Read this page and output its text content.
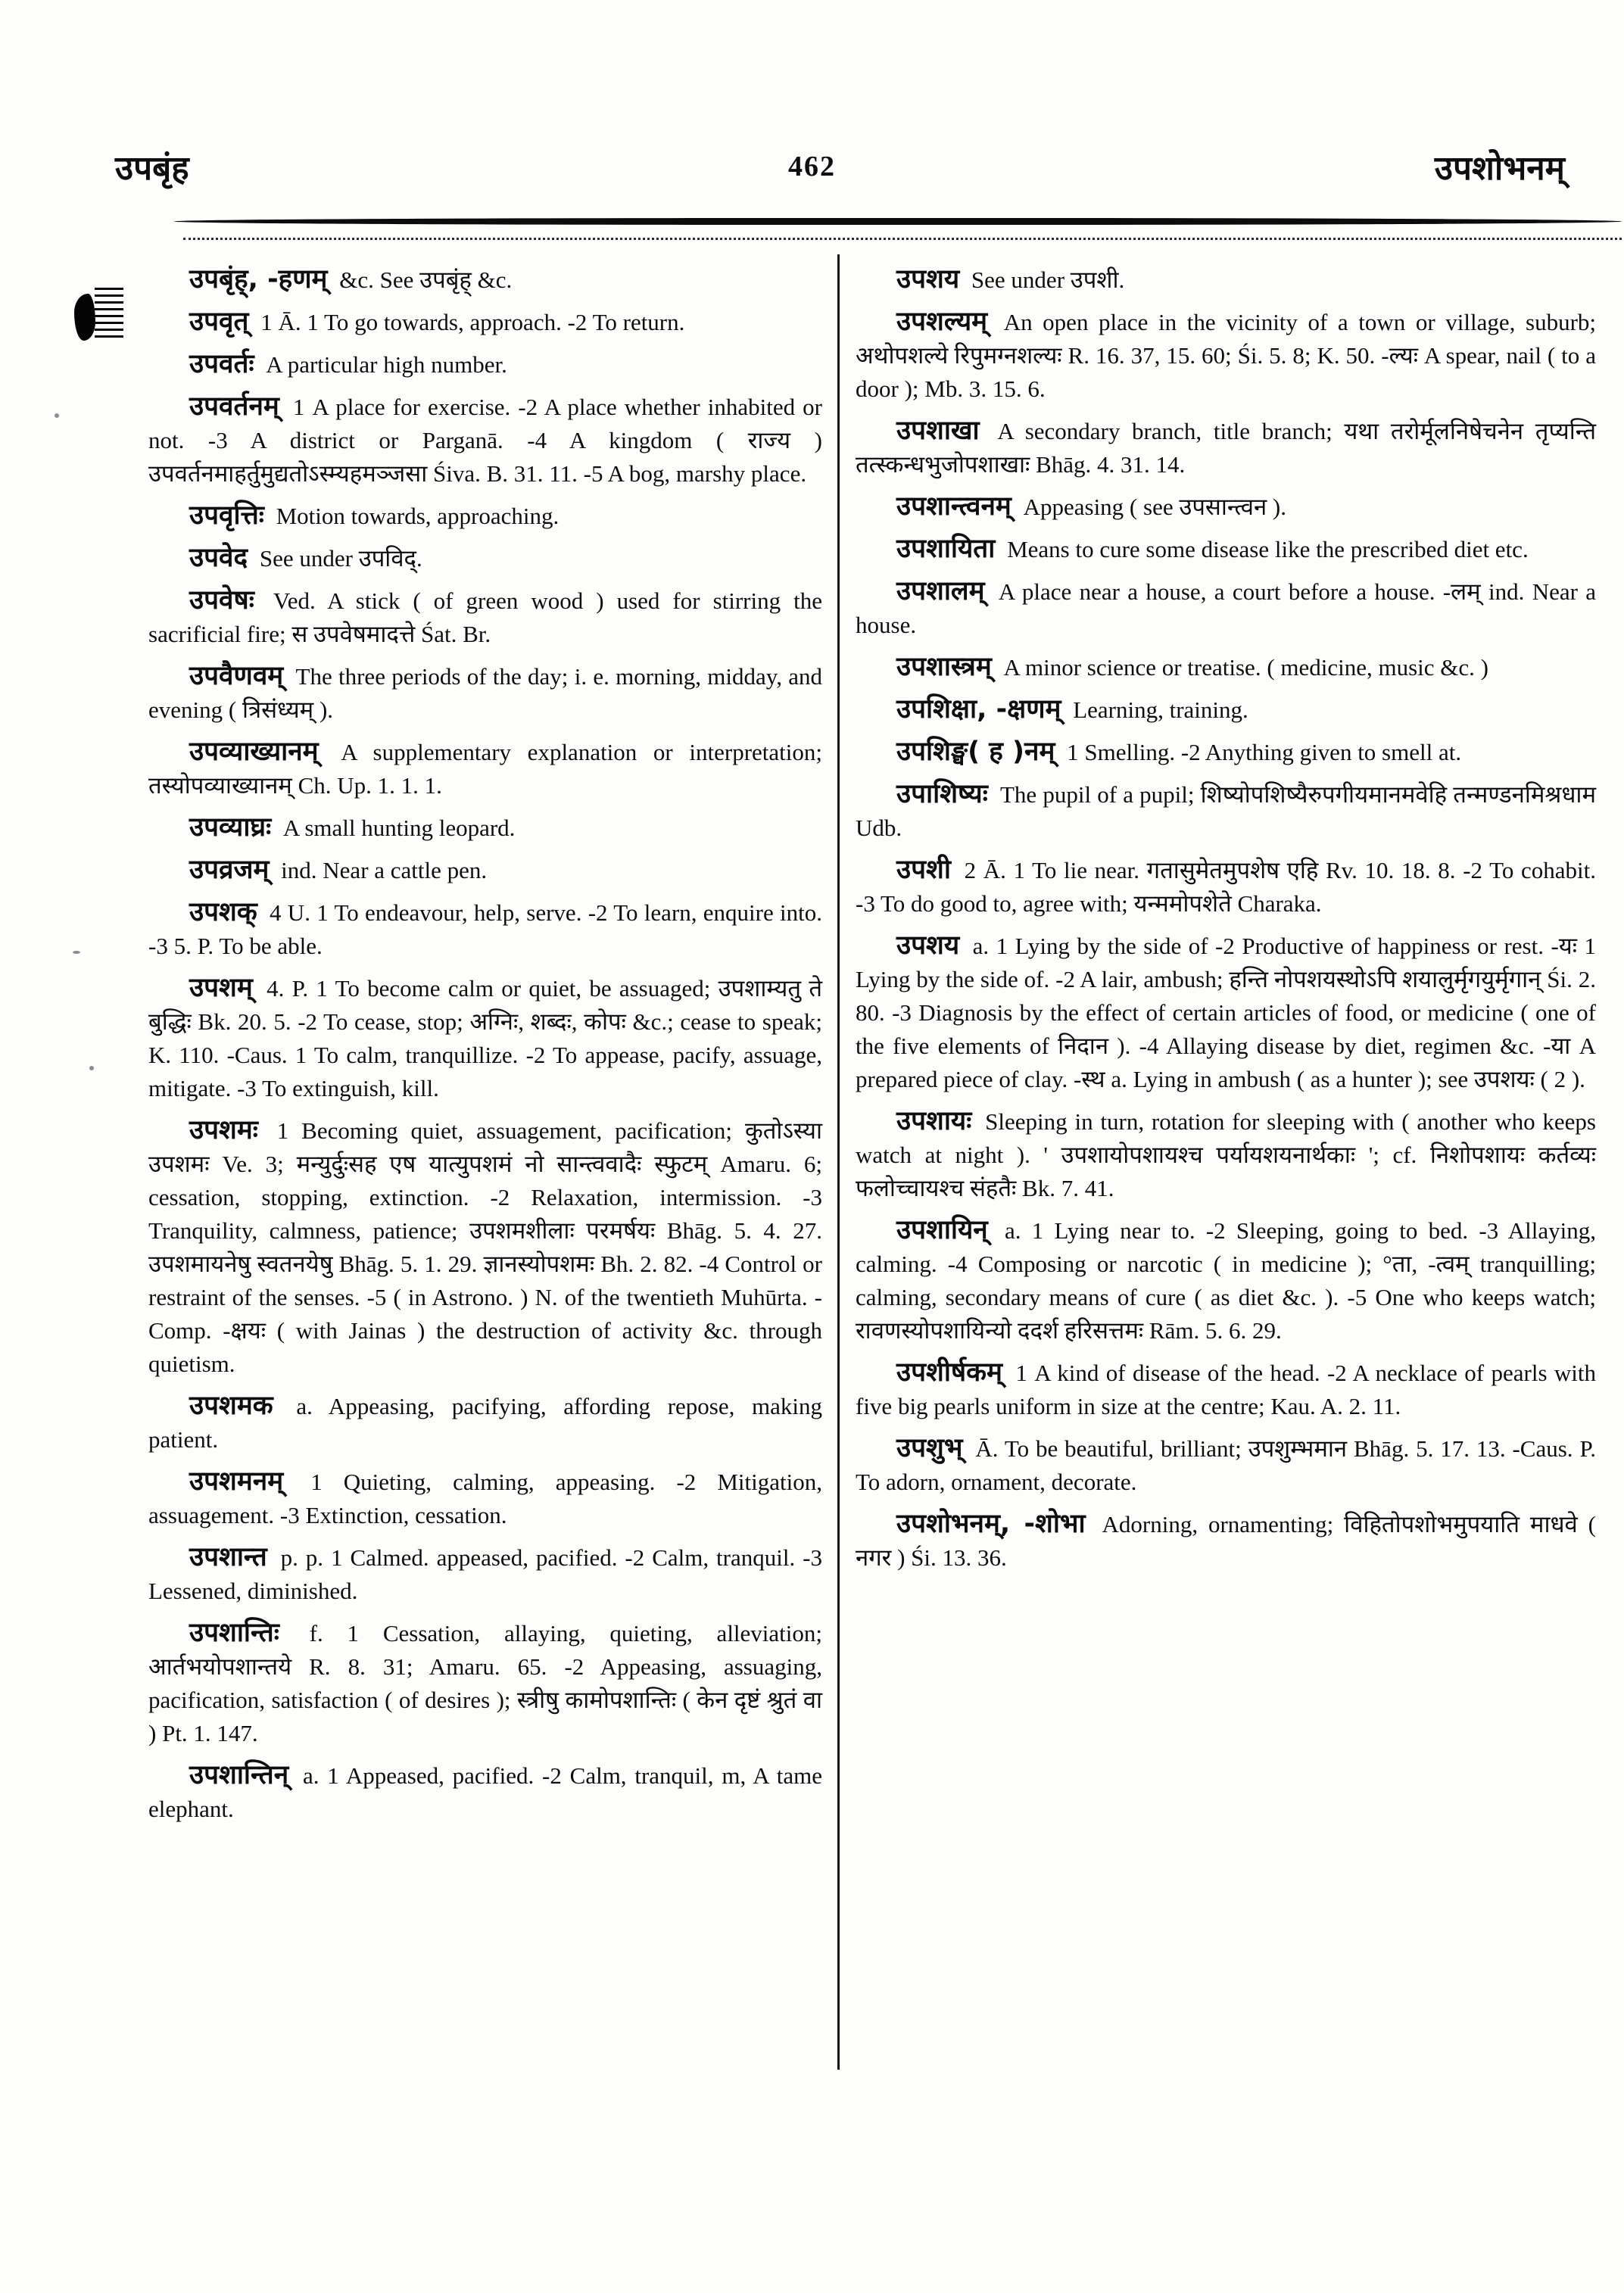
उपबृंह	462	उपशोभनम्

उपबृंह्, -हणम् &c. See उपबृंह् &c.

उपवृत् 1 Ā. 1 To go towards, approach. -2 To return.

उपवर्तः A particular high number.

उपवर्तनम् 1 A place for exercise. -2 A place whether inhabited or not. -3 A district or Parganā. -4 A kingdom ( राज्य ) उपवर्तनमाहर्तुमुद्यतोऽस्म्यहमञ्जसा Śiva. B. 31. 11. -5 A bog, marshy place.

उपवृत्तिः Motion towards, approaching.

उपवेद See under उपविद्.

उपवेषः Ved. A stick ( of green wood ) used for stirring the sacrificial fire; स उपवेषमादत्ते Śat. Br.

उपवैणवम् The three periods of the day; i. e. morning, midday, and evening ( त्रिसंध्यम् ).

उपव्याख्यानम् A supplementary explanation or interpretation; तस्योपव्याख्यानम् Ch. Up. 1. 1. 1.

उपव्याघ्रः A small hunting leopard.

उपव्रजम् ind. Near a cattle pen.

उपशक् 4 U. 1 To endeavour, help, serve. -2 To learn, enquire into. -3 5. P. To be able.

उपशम् 4. P. 1 To become calm or quiet, be assuaged; उपशाम्यतु ते बुद्धिः Bk. 20. 5. -2 To cease, stop; अग्निः, शब्दः, कोपः &c.; cease to speak; K. 110. -Caus. 1 To calm, tranquillize. -2 To appease, pacify, assuage, mitigate. -3 To extinguish, kill.

उपशमः 1 Becoming quiet, assuagement, pacification; कुतोऽस्या उपशमः Ve. 3; मन्युर्दुःसह एष यात्युपशमं नो सान्त्ववादैः स्फुटम् Amaru. 6; cessation, stopping, extinction. -2 Relaxation, intermission. -3 Tranquility, calmness, patience; उपशमशीलाः परमर्षयः Bhāg. 5. 4. 27. उपशमायनेषु स्वतनयेषु Bhāg. 5. 1. 29. ज्ञानस्योपशमः Bh. 2. 82. -4 Control or restraint of the senses. -5 ( in Astrono. ) N. of the twentieth Muhūrta. -Comp. -क्षयः ( with Jainas ) the destruction of activity &c. through quietism.

उपशमक a. Appeasing, pacifying, affording repose, making patient.

उपशमनम् 1 Quieting, calming, appeasing. -2 Mitigation, assuagement. -3 Extinction, cessation.

उपशान्त p. p. 1 Calmed. appeased, pacified. -2 Calm, tranquil. -3 Lessened, diminished.

उपशान्तिः f. 1 Cessation, allaying, quieting, alleviation; आर्तभयोपशान्तये R. 8. 31; Amaru. 65. -2 Appeasing, assuaging, pacification, satisfaction ( of desires ); स्त्रीषु कामोपशान्तिः ( केन दृष्टं श्रुतं वा ) Pt. 1. 147.

उपशान्तिन् a. 1 Appeased, pacified. -2 Calm, tranquil, m, A tame elephant.

उपशय See under उपशी.

उपशल्यम् An open place in the vicinity of a town or village, suburb; अथोपशल्ये रिपुमग्नशल्यः R. 16. 37, 15. 60; Śi. 5. 8; K. 50. -ल्यः A spear, nail ( to a door ); Mb. 3. 15. 6.

उपशाखा A secondary branch, title branch; यथा तरोर्मूलनिषेचनेन तृप्यन्ति तत्स्कन्धभुजोपशाखाः Bhāg. 4. 31. 14.

उपशान्त्वनम् Appeasing ( see उपसान्त्वन ).

उपशायिता Means to cure some disease like the prescribed diet etc.

उपशालम् A place near a house, a court before a house. -लम् ind. Near a house.

उपशास्त्रम् A minor science or treatise. ( medicine, music &c. )

उपशिक्षा, -क्षणम् Learning, training.

उपशिङ्घ( ह )नम् 1 Smelling. -2 Anything given to smell at.

उपाशिष्यः The pupil of a pupil; शिष्योपशिष्यैरुपगीयमानमवेहि तन्मण्डनमिश्रधाम Udb.

उपशी 2 Ā. 1 To lie near. गतासुमेतमुपशेष एहि Rv. 10. 18. 8. -2 To cohabit. -3 To do good to, agree with; यन्ममोपशेते Charaka.

उपशय a. 1 Lying by the side of -2 Productive of happiness or rest. -यः 1 Lying by the side of. -2 A lair, ambush; हन्ति नोपशयस्थोऽपि शयालुर्मृगयुर्मृगान् Śi. 2. 80. -3 Diagnosis by the effect of certain articles of food, or medicine ( one of the five elements of निदान ). -4 Allaying disease by diet, regimen &c. -या A prepared piece of clay. -स्थ a. Lying in ambush ( as a hunter ); see उपशयः ( 2 ).

उपशायः Sleeping in turn, rotation for sleeping with ( another who keeps watch at night ). ' उपशायोपशायश्च पर्यायशयनार्थकाः '; cf. निशोपशायः कर्तव्यः फलोच्चायश्च संहतैः Bk. 7. 41.

उपशायिन् a. 1 Lying near to. -2 Sleeping, going to bed. -3 Allaying, calming. -4 Composing or narcotic ( in medicine ); °ता, -त्वम् tranquilling; calming, secondary means of cure ( as diet &c. ). -5 One who keeps watch; रावणस्योपशायिन्यो ददर्श हरिसत्तमः Rām. 5. 6. 29.

उपशीर्षकम् 1 A kind of disease of the head. -2 A necklace of pearls with five big pearls uniform in size at the centre; Kau. A. 2. 11.

उपशुभ् Ā. To be beautiful, brilliant; उपशुम्भमान Bhāg. 5. 17. 13. -Caus. P. To adorn, ornament, decorate.

उपशोभनम्, -शोभा Adorning, ornamenting; विहितोपशोभमुपयाति माधवे ( नगर ) Śi. 13. 36.
